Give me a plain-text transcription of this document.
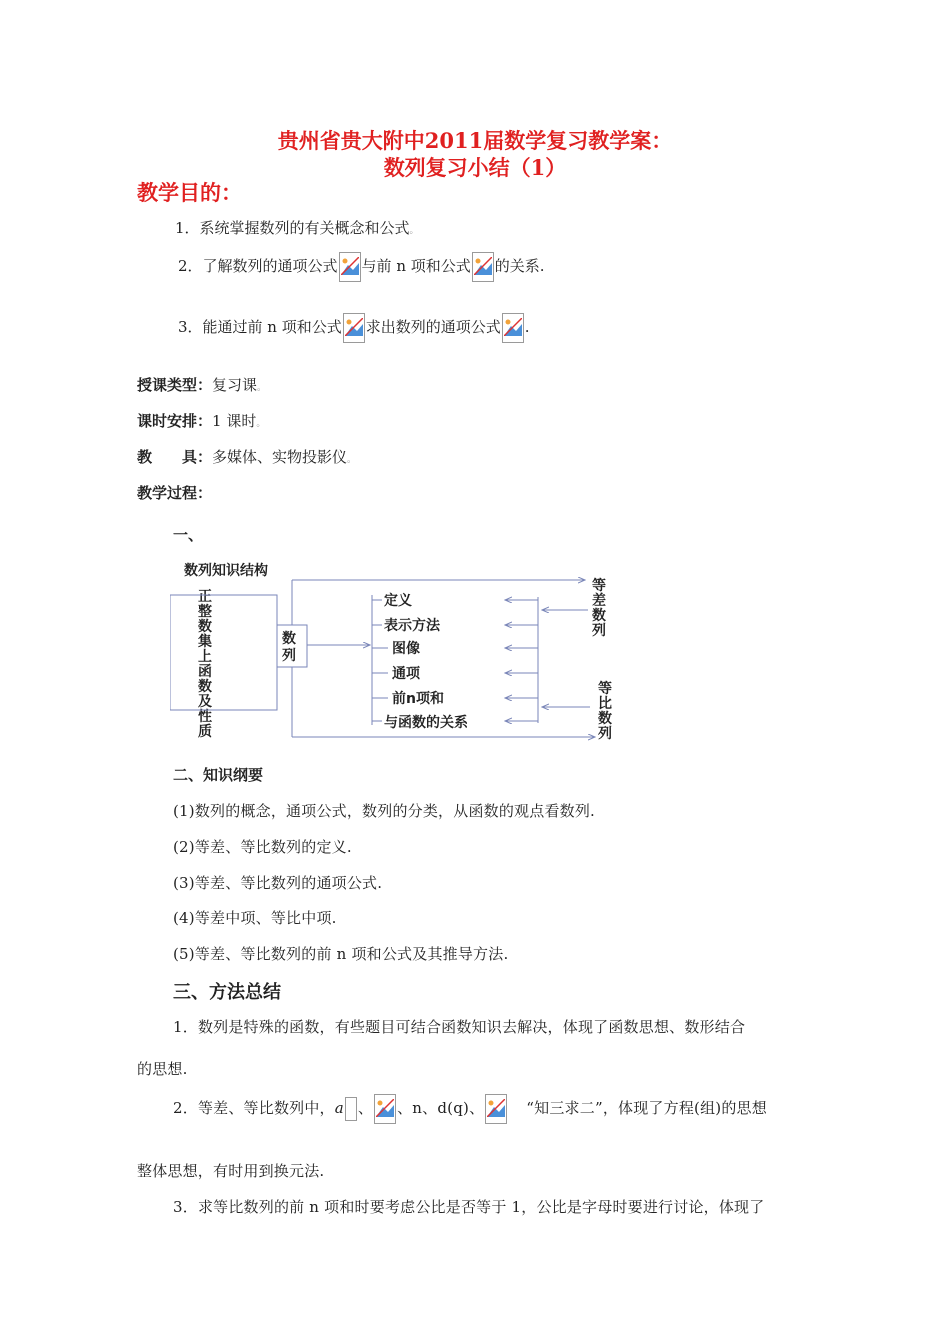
贵州省贵大附中2011届数学复习教学案：
数列复习小结（1）
教学目的：
1．系统掌握数列的有关概念和公式。
2．了解数列的通项公式 与前 n 项和公式 的关系.
3．能通过前 n 项和公式 求出数列的通项公式 .
授课类型：复习课。
课时安排：1 课时。
教　　具：多媒体、实物投影仪。
教学过程：
一、
数列知识结构
正
整
数
集
上
函
数
及
性
质
数
列
定义
表示方法
图像
通项
前n项和
与函数的关系
等
差
数
列
等
比
数
列
二、知识纲要
(1)数列的概念，通项公式，数列的分类，从函数的观点看数列.
(2)等差、等比数列的定义.
(3)等差、等比数列的通项公式.
(4)等差中项、等比中项.
(5)等差、等比数列的前 n 项和公式及其推导方法.
三、方法总结
1．数列是特殊的函数，有些题目可结合函数知识去解决，体现了函数思想、数形结合
的思想.
2．等差、等比数列中，a 、 、n、d(q)、	“知三求二”，体现了方程(组)的思想
整体思想，有时用到换元法.
3．求等比数列的前 n 项和时要考虑公比是否等于 1，公比是字母时要进行讨论，体现了
